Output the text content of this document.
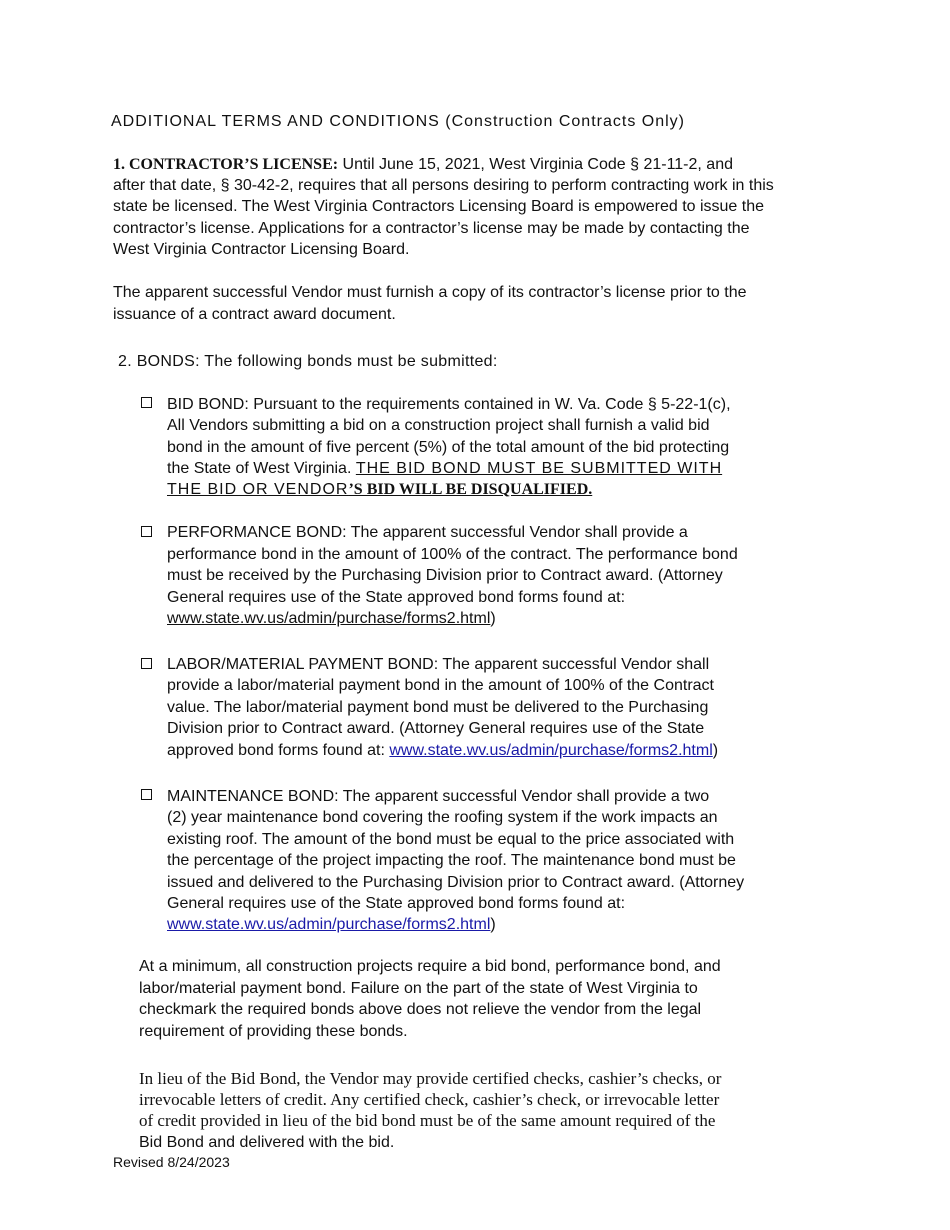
ADDITIONAL TERMS AND CONDITIONS (Construction Contracts Only)
1. CONTRACTOR’S LICENSE: Until June 15, 2021, West Virginia Code § 21-11-2, and
after that date, § 30-42-2, requires that all persons desiring to perform contracting work in this
state be licensed. The West Virginia Contractors Licensing Board is empowered to issue the
contractor’s license. Applications for a contractor’s license may be made by contacting the
West Virginia Contractor Licensing Board.
The apparent successful Vendor must furnish a copy of its contractor’s license prior to the
issuance of a contract award document.
2. BONDS: The following bonds must be submitted:
BID BOND: Pursuant to the requirements contained in W. Va. Code § 5-22-1(c),
All Vendors submitting a bid on a construction project shall furnish a valid bid
bond in the amount of five percent (5%) of the total amount of the bid protecting
the State of West Virginia. THE BID BOND MUST BE SUBMITTED WITH
THE BID OR VENDOR’S BID WILL BE DISQUALIFIED.
PERFORMANCE BOND: The apparent successful Vendor shall provide a
performance bond in the amount of 100% of the contract. The performance bond
must be received by the Purchasing Division prior to Contract award. (Attorney
General requires use of the State approved bond forms found at:
www.state.wv.us/admin/purchase/forms2.html)
LABOR/MATERIAL PAYMENT BOND: The apparent successful Vendor shall
provide a labor/material payment bond in the amount of 100% of the Contract
value. The labor/material payment bond must be delivered to the Purchasing
Division prior to Contract award. (Attorney General requires use of the State
approved bond forms found at: www.state.wv.us/admin/purchase/forms2.html)
MAINTENANCE BOND: The apparent successful Vendor shall provide a two
(2) year maintenance bond covering the roofing system if the work impacts an
existing roof. The amount of the bond must be equal to the price associated with
the percentage of the project impacting the roof. The maintenance bond must be
issued and delivered to the Purchasing Division prior to Contract award. (Attorney
General requires use of the State approved bond forms found at:
www.state.wv.us/admin/purchase/forms2.html)
At a minimum, all construction projects require a bid bond, performance bond, and
labor/material payment bond. Failure on the part of the state of West Virginia to
checkmark the required bonds above does not relieve the vendor from the legal
requirement of providing these bonds.
In lieu of the Bid Bond, the Vendor may provide certified checks, cashier’s checks, or
irrevocable letters of credit. Any certified check, cashier’s check, or irrevocable letter
of credit provided in lieu of the bid bond must be of the same amount required of the
Bid Bond and delivered with the bid.
Revised 8/24/2023
